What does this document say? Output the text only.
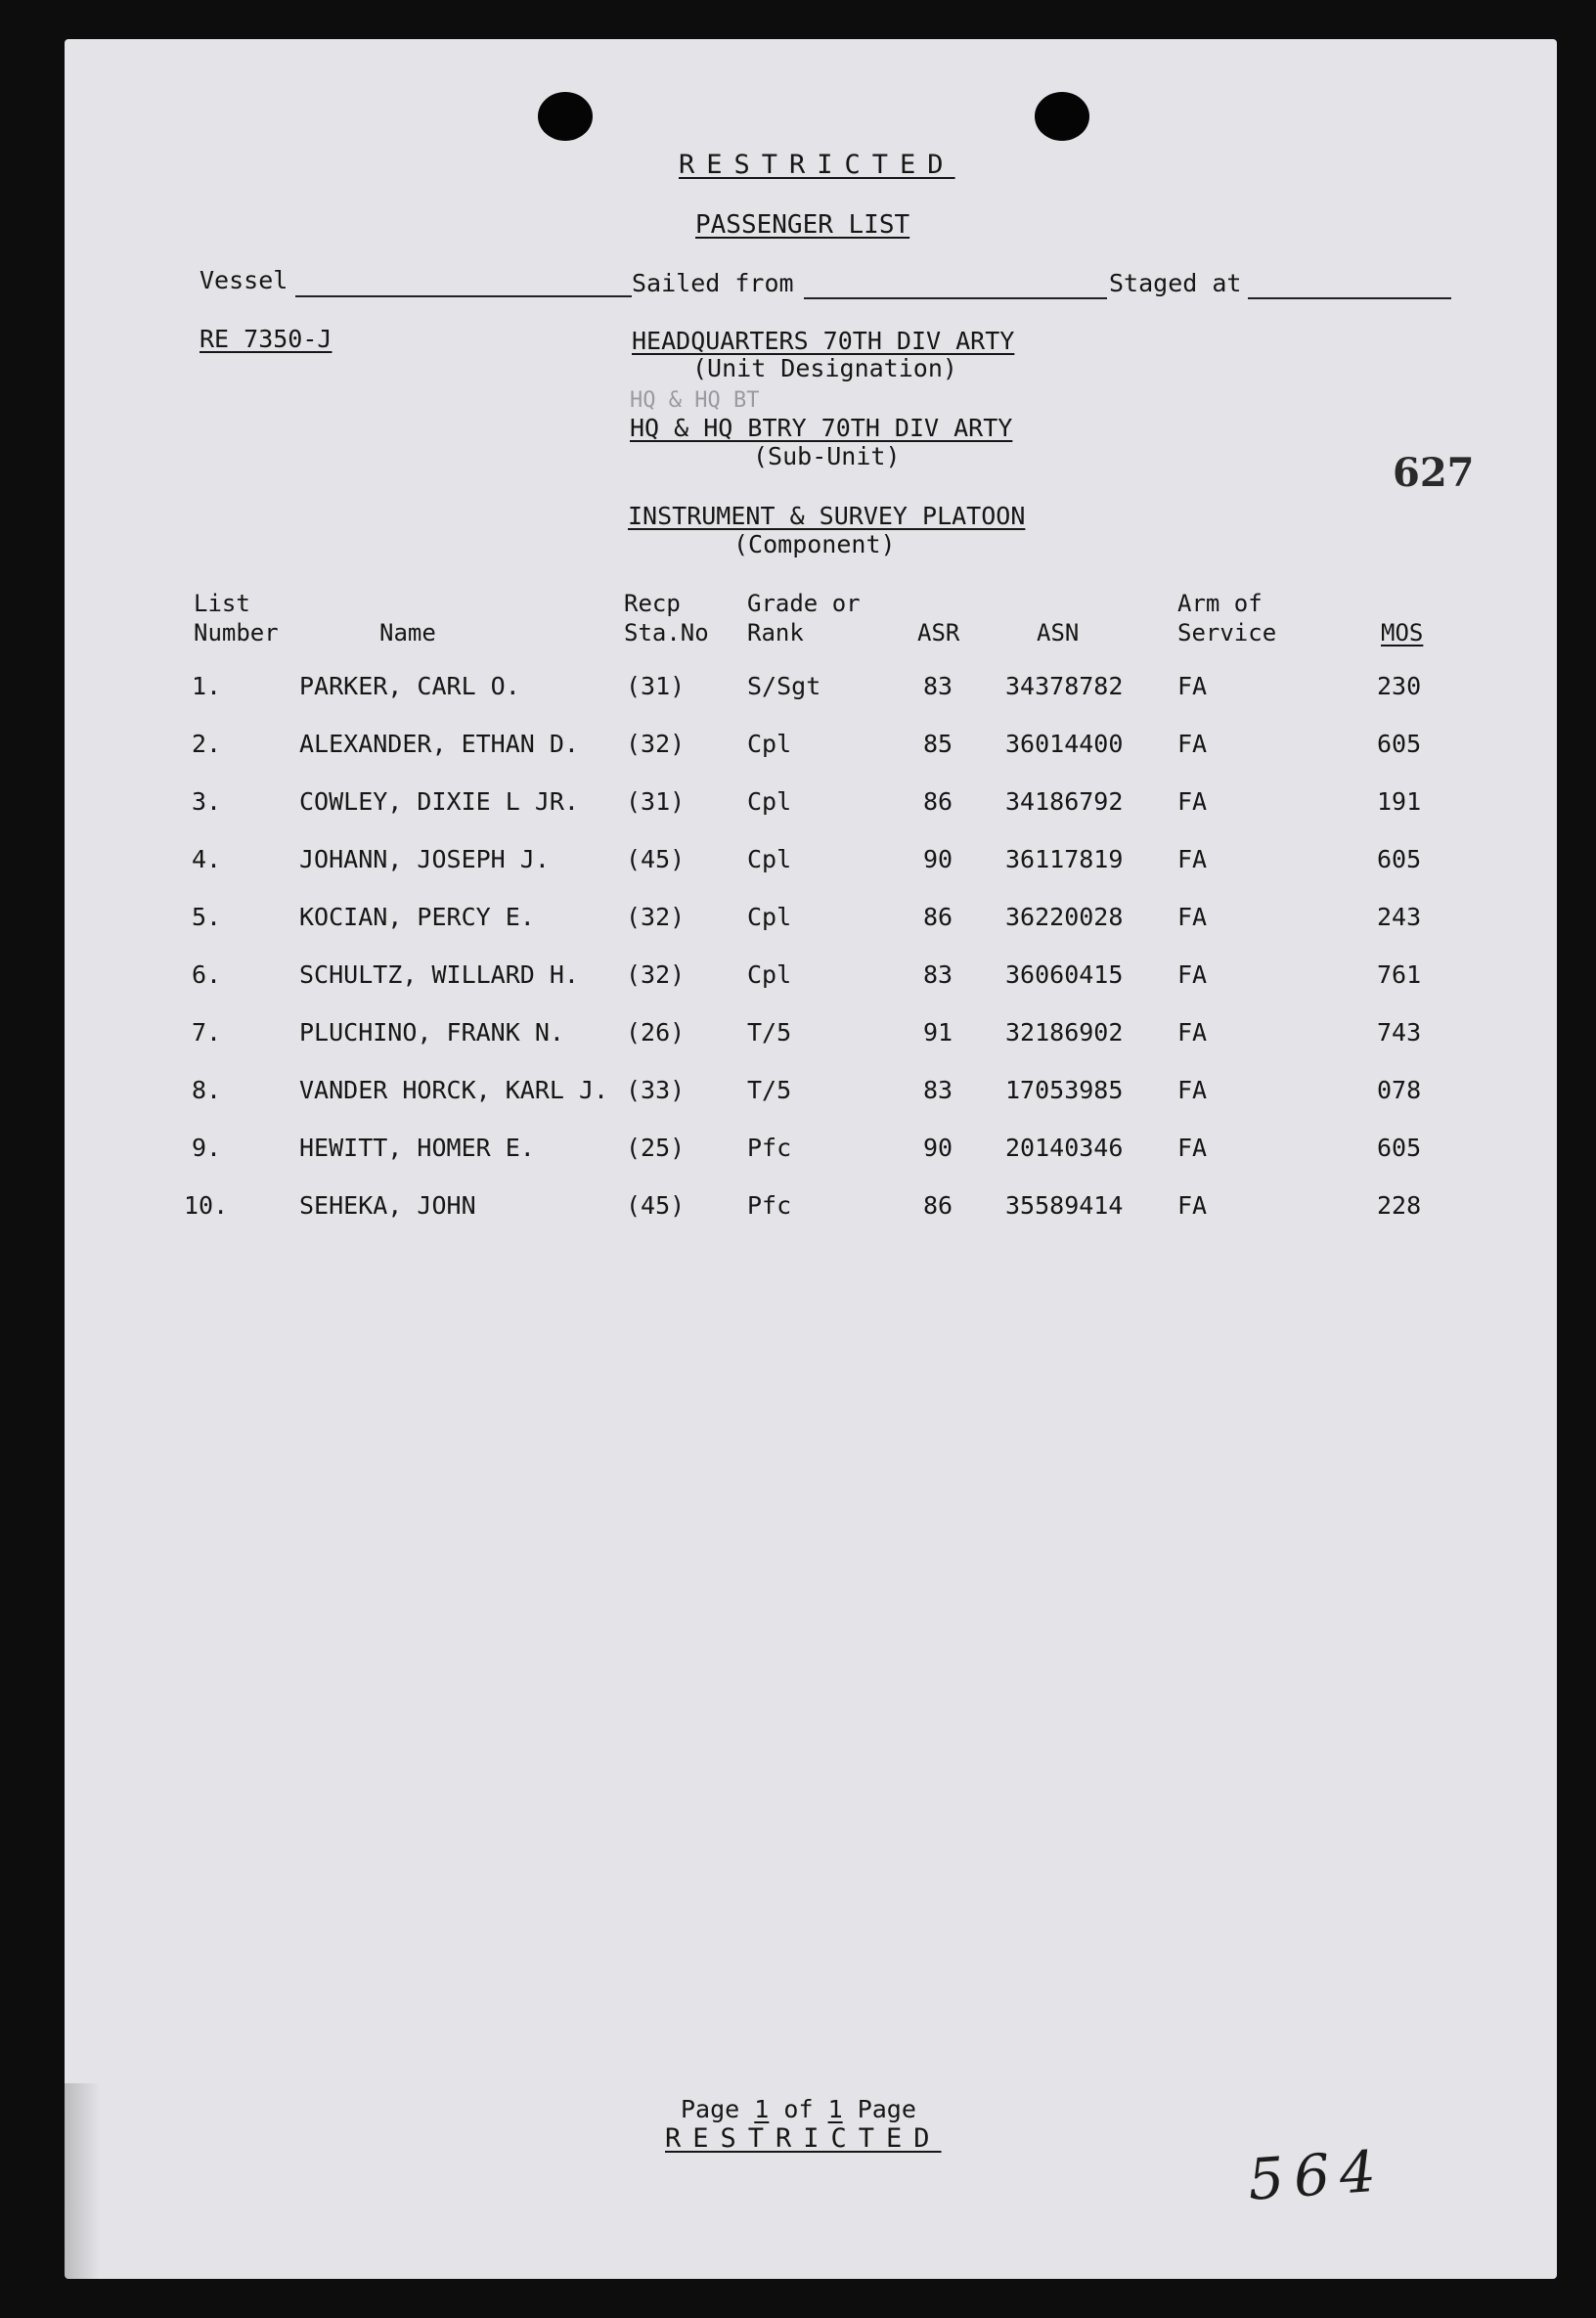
RESTRICTED
PASSENGER LIST
Vessel	Sailed from	Staged at
RE 7350-J	HEADQUARTERS 70TH DIV ARTY
(Unit Designation)
HQ & HQ BT
HQ & HQ BTRY 70TH DIV ARTY
(Sub-Unit)	627
INSTRUMENT & SURVEY PLATOON
(Component)
List
Number	Name
Recp
Sta.No
Grade or
Rank	ASR	ASN
Arm of
Service	MOS
1.	PARKER, CARL O.	(31)	S/Sgt	83 34378782 FA	230
2.	ALEXANDER, ETHAN D. (32)	Cpl	85 36014400 FA	605
3.	COWLEY, DIXIE L JR. (31)	Cpl	86 34186792 FA	191
4.	JOHANN, JOSEPH J.	(45)	Cpl	90 36117819 FA	605
5.	KOCIAN, PERCY E.	(32)	Cpl	86 36220028 FA	243
6.	SCHULTZ, WILLARD H. (32)	Cpl	83 36060415 FA	761
7.	PLUCHINO, FRANK N.	(26)	T/5	91 32186902 FA	743
8.	VANDER HORCK, KARL J. (33)	T/5	83 17053985 FA	078
9.	HEWITT, HOMER E.	(25)	Pfc	90 20140346 FA	605
10.	SEHEKA, JOHN	(45)	Pfc	86 35589414 FA	228
Page 1 of 1 Page
RESTRICTED	564
